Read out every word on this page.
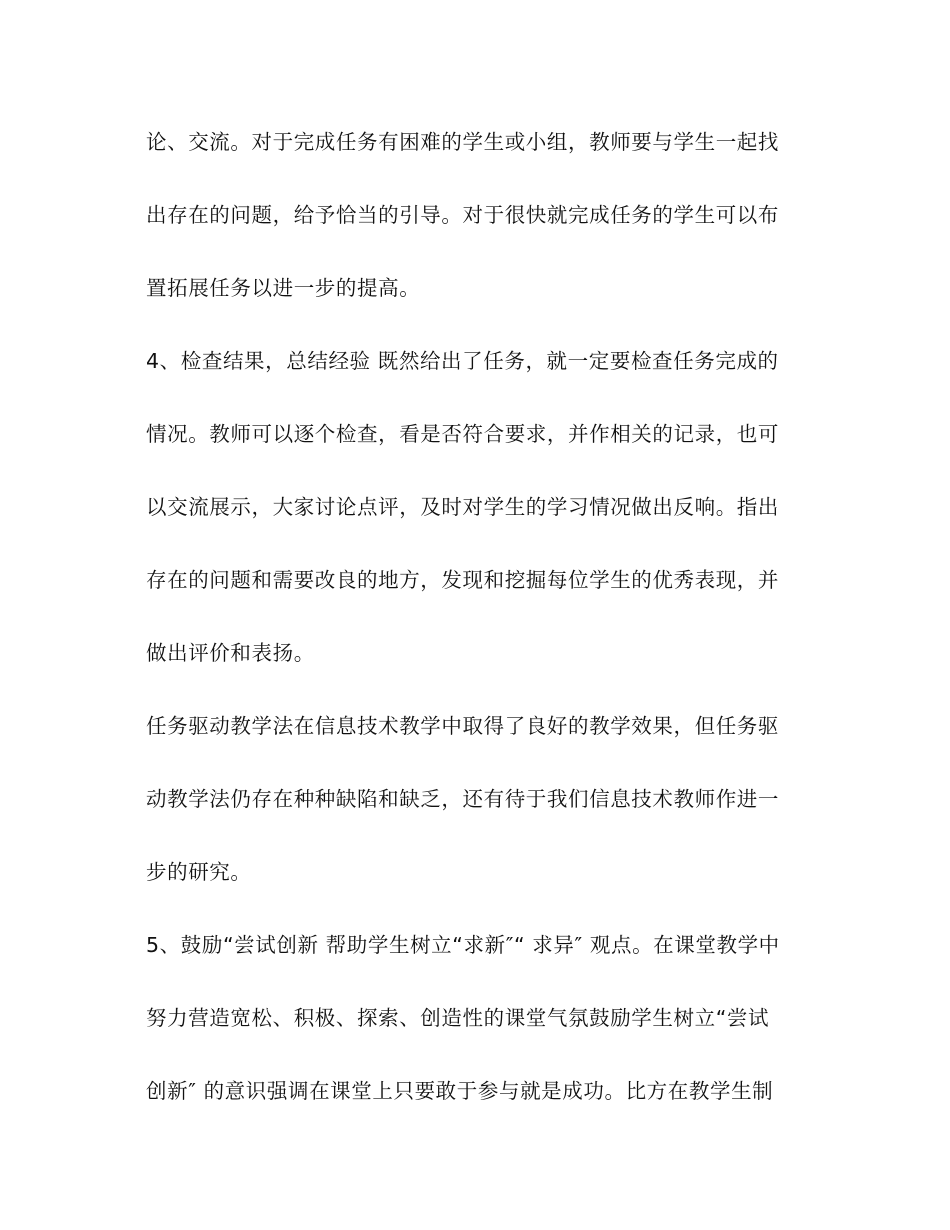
论、交流。对于完成任务有困难的学生或小组，教师要与学生一起找
出存在的问题，给予恰当的引导。对于很快就完成任务的学生可以布
置拓展任务以进一步的提高。
4、检查结果，总结经验 既然给出了任务，就一定要检查任务完成的
情况。教师可以逐个检查，看是否符合要求，并作相关的记录，也可
以交流展示，大家讨论点评，及时对学生的学习情况做出反响。指出
存在的问题和需要改良的地方，发现和挖掘每位学生的优秀表现，并
做出评价和表扬。
任务驱动教学法在信息技术教学中取得了良好的教学效果，但任务驱
动教学法仍存在种种缺陷和缺乏，还有待于我们信息技术教师作进一
步的研究。
5、鼓励“尝试创新 帮助学生树立“求新″“ 求异″ 观点。在课堂教学中
努力营造宽松、积极、探索、创造性的课堂气氛鼓励学生树立“尝试
创新″ 的意识强调在课堂上只要敢于参与就是成功。比方在教学生制
